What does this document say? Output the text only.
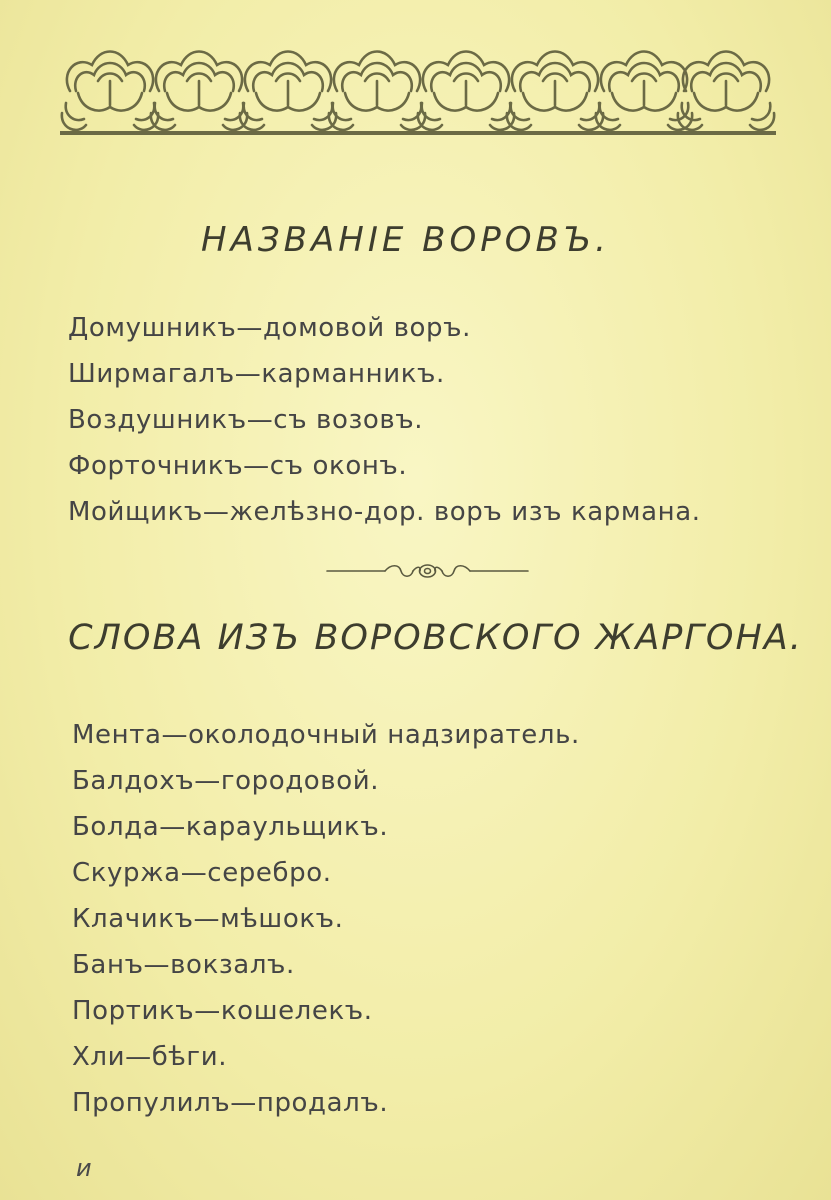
НАЗВАНIЕ ВОРОВЪ.
Домушникъ—домовой воръ.
Ширмагалъ—карманникъ.
Воздушникъ—съ возовъ.
Форточникъ—съ оконъ.
Мойщикъ—желѣзно-дор. воръ изъ кармана.
СЛОВА ИЗЪ ВОРОВСКОГО ЖАРГОНА.
Мента—околодочный надзиратель.
Балдохъ—городовой.
Болда—караульщикъ.
Скуржа—серебро.
Клачикъ—мѣшокъ.
Банъ—вокзалъ.
Портикъ—кошелекъ.
Хли—бѣги.
Пропулилъ—продалъ.
и
